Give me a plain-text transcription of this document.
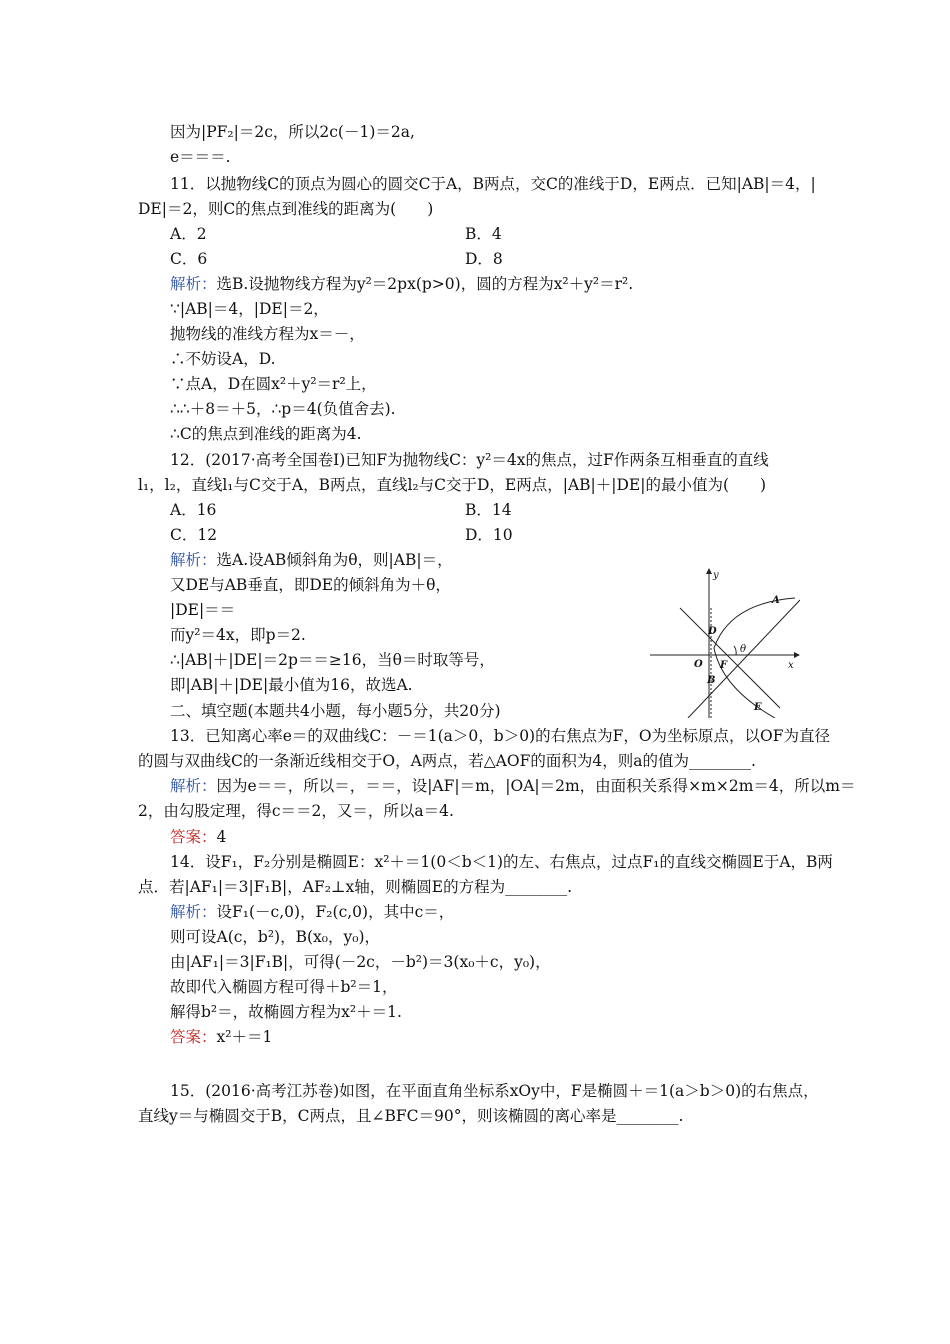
因为|PF₂|＝2c，所以2c(－1)＝2a,
e＝＝＝.
11．以抛物线C的顶点为圆心的圆交C于A，B两点，交C的准线于D，E两点．已知|AB|＝4，|
DE|＝2，则C的焦点到准线的距离为(　　)
A．2	B．4
C．6	D．8
解析：选B.设抛物线方程为y²＝2px(p>0)，圆的方程为x²＋y²＝r².
∵|AB|＝4，|DE|＝2，
抛物线的准线方程为x＝－，
∴不妨设A，D.
∵点A，D在圆x²＋y²＝r²上，
∴∴＋8＝＋5，∴p＝4(负值舍去).
∴C的焦点到准线的距离为4.
12．(2017·高考全国卷Ⅰ)已知F为抛物线C：y²＝4x的焦点，过F作两条互相垂直的直线
l₁，l₂，直线l₁与C交于A，B两点，直线l₂与C交于D，E两点，|AB|＋|DE|的最小值为(　　)
A．16	B．14
C．12	D．10
解析：选A.设AB倾斜角为θ，则|AB|＝，
又DE与AB垂直，即DE的倾斜角为＋θ，
|DE|＝＝
而y²＝4x，即p＝2.
∴|AB|＋|DE|＝2p＝＝≥16，当θ＝时取等号，
即|AB|＋|DE|最小值为16，故选A.
二、填空题(本题共4小题，每小题5分，共20分)
13．已知离心率e＝的双曲线C：－＝1(a＞0，b＞0)的右焦点为F，O为坐标原点，以OF为直径
的圆与双曲线C的一条渐近线相交于O，A两点，若△AOF的面积为4，则a的值为________.
解析：因为e＝＝，所以＝，＝＝，设|AF|＝m，|OA|＝2m，由面积关系得×m×2m＝4，所以m＝
2，由勾股定理，得c＝＝2，又＝，所以a＝4.
答案：4
14．设F₁，F₂分别是椭圆E：x²＋＝1(0＜b＜1)的左、右焦点，过点F₁的直线交椭圆E于A，B两
点．若|AF₁|＝3|F₁B|，AF₂⊥x轴，则椭圆E的方程为________.
解析：设F₁(－c,0)，F₂(c,0)，其中c＝，
则可设A(c，b²)，B(x₀，y₀)，
由|AF₁|＝3|F₁B|，可得(－2c，－b²)＝3(x₀＋c，y₀)，
故即代入椭圆方程可得＋b²＝1，
解得b²＝，故椭圆方程为x²＋＝1.
答案：x²＋＝1
15．(2016·高考江苏卷)如图，在平面直角坐标系xOy中，F是椭圆＋＝1(a＞b＞0)的右焦点，
直线y＝与椭圆交于B，C两点，且∠BFC＝90°，则该椭圆的离心率是________.
y
x
O F
θ
A
B
D
E
